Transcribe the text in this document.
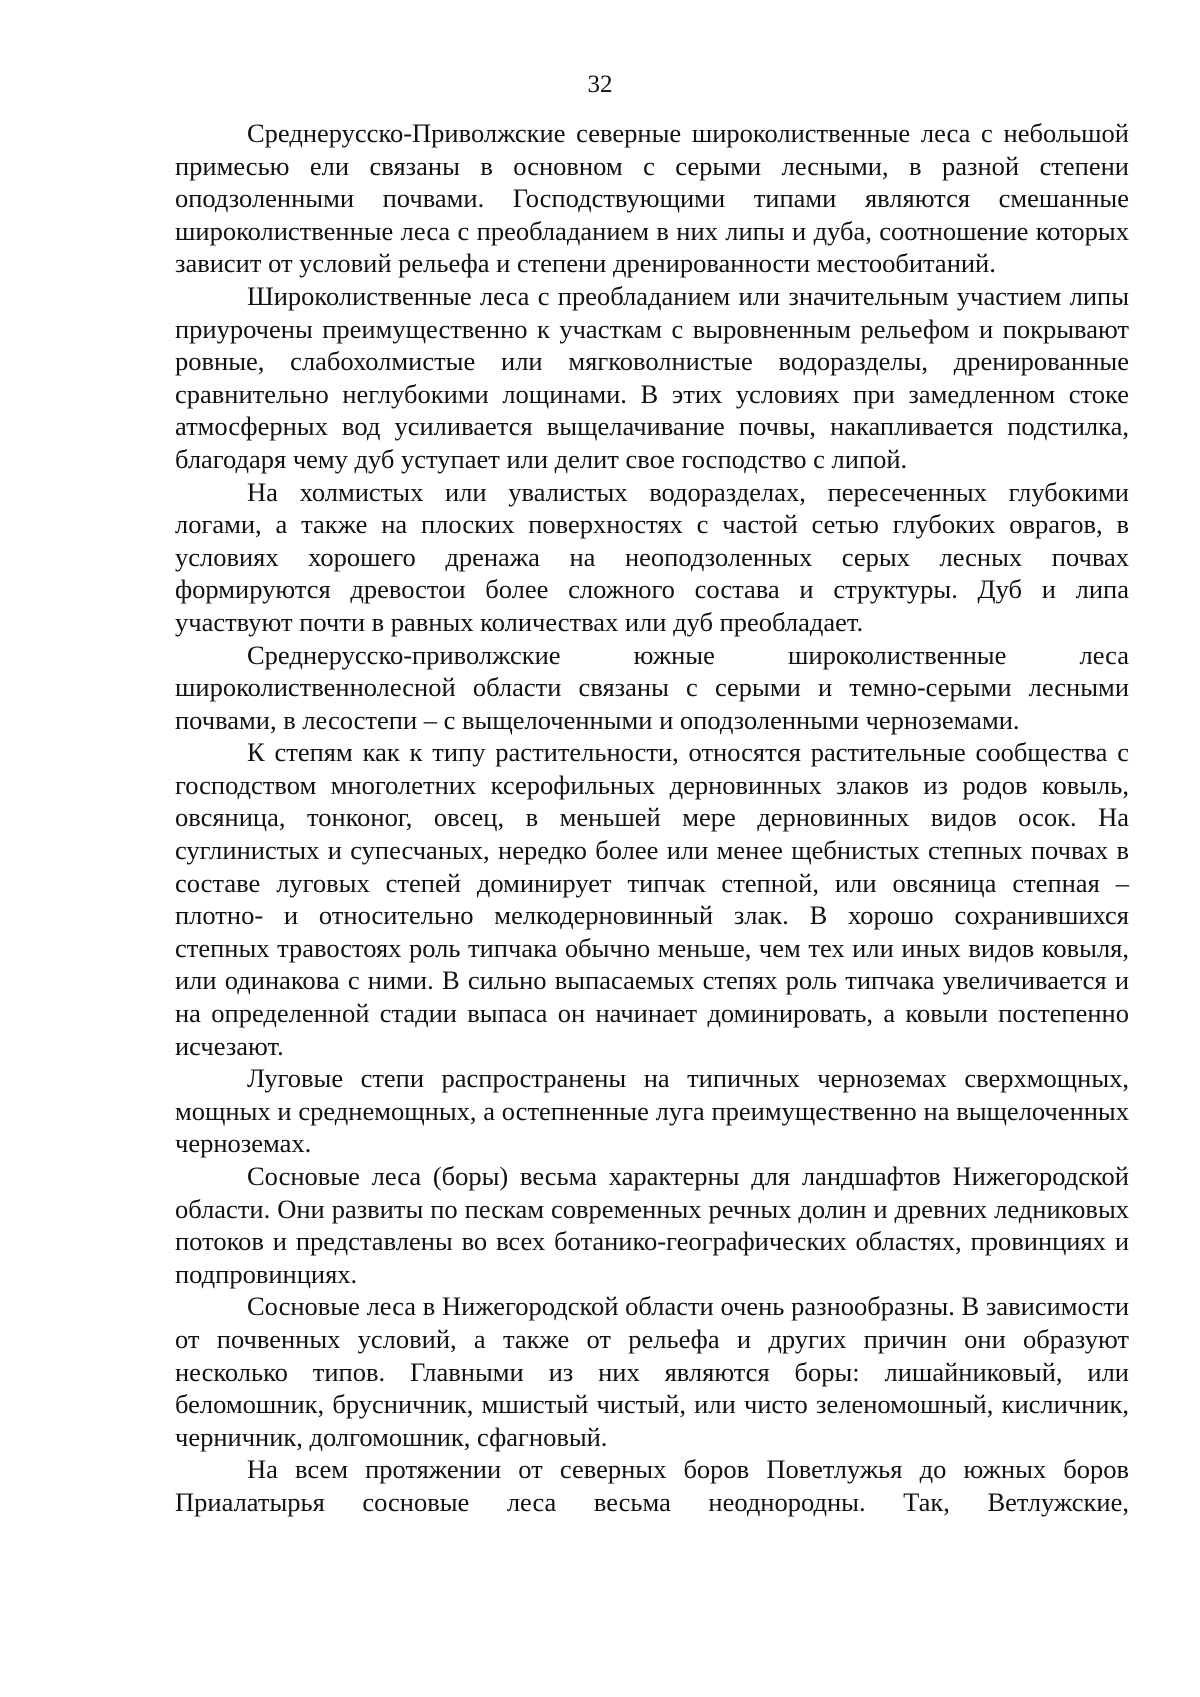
32

Среднерусско-Приволжские северные широколиственные леса с небольшой примесью ели связаны в основном с серыми лесными, в разной степени оподзоленными почвами. Господствующими типами являются смешанные широколиственные леса с преобладанием в них липы и дуба, соотношение которых зависит от условий рельефа и степени дренированности местообитаний.

Широколиственные леса с преобладанием или значительным участием липы приурочены преимущественно к участкам с выровненным рельефом и покрывают ровные, слабохолмистые или мягковолнистые водоразделы, дренированные сравнительно неглубокими лощинами. В этих условиях при замедленном стоке атмосферных вод усиливается выщелачивание почвы, накапливается подстилка, благодаря чему дуб уступает или делит свое господство с липой.

На холмистых или увалистых водоразделах, пересеченных глубокими логами, а также на плоских поверхностях с частой сетью глубоких оврагов, в условиях хорошего дренажа на неоподзоленных серых лесных почвах формируются древостои более сложного состава и структуры. Дуб и липа участвуют почти в равных количествах или дуб преобладает.

Среднерусско-приволжские южные широколиственные леса широколиственнолесной области связаны с серыми и темно-серыми лесными почвами, в лесостепи – с выщелоченными и оподзоленными черноземами.

К степям как к типу растительности, относятся растительные сообщества с господством многолетних ксерофильных дерновинных злаков из родов ковыль, овсяница, тонконог, овсец, в меньшей мере дерновинных видов осок. На суглинистых и супесчаных, нередко более или менее щебнистых степных почвах в составе луговых степей доминирует типчак степной, или овсяница степная – плотно- и относительно мелкодерновинный злак. В хорошо сохранившихся степных травостоях роль типчака обычно меньше, чем тех или иных видов ковыля, или одинакова с ними. В сильно выпасаемых степях роль типчака увеличивается и на определенной стадии выпаса он начинает доминировать, а ковыли постепенно исчезают.

Луговые степи распространены на типичных черноземах сверхмощных, мощных и среднемощных, а остепненные луга преимущественно на выщелоченных черноземах.

Сосновые леса (боры) весьма характерны для ландшафтов Нижегородской области. Они развиты по пескам современных речных долин и древних ледниковых потоков и представлены во всех ботанико-географических областях, провинциях и подпровинциях.

Сосновые леса в Нижегородской области очень разнообразны. В зависимости от почвенных условий, а также от рельефа и других причин они образуют несколько типов. Главными из них являются боры: лишайниковый, или беломошник, брусничник, мшистый чистый, или чисто зеленомошный, кисличник, черничник, долгомошник, сфагновый.

На всем протяжении от северных боров Поветлужья до южных боров Приалатырья сосновые леса весьма неоднородны. Так, Ветлужские,
